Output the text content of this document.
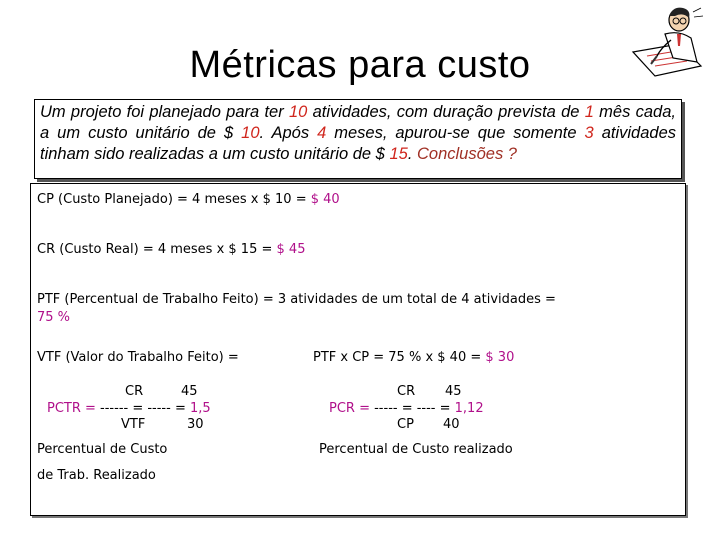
Métricas para custo
Um projeto foi planejado para ter 10 atividades, com duração prevista de 1 mês cada, a um custo unitário de $ 10. Após 4 meses, apurou-se que somente 3 atividades tinham sido realizadas a um custo unitário de $ 15. Conclusões ?
CP (Custo Planejado) = 4 meses x $ 10 = $ 40
CR (Custo Real) = 4 meses x $ 15 = $ 45
PTF (Percentual de Trabalho Feito) = 3 atividades de um total de 4 atividades =
75 %
VTF (Valor do Trabalho Feito) =	PTF x CP = 75 % x $ 40 = $ 30
CR	45
PCTR = ------ = ----- = 1,5
VTF	30
Percentual de Custo
de Trab. Realizado
CR 45
PCR = ----- = ---- = 1,12
CP 40
Percentual de Custo realizado
